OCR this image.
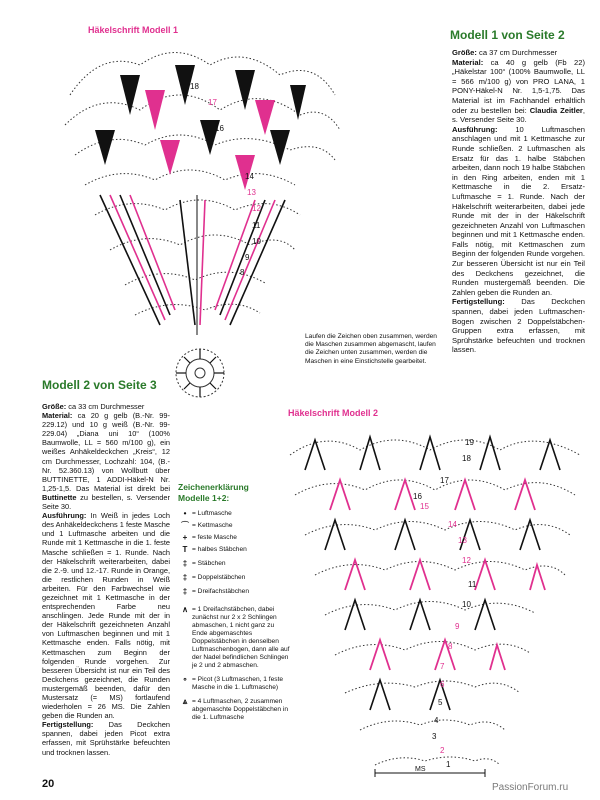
Häkelschrift Modell 1
18
17
16
15
14
13
12
11
10
9
8
Laufen die Zeichen oben zusammen, werden die Maschen zusammen abgemascht, laufen die Zeichen unten zusammen, werden die Maschen in eine Einstichstelle gearbeitet.
Modell 1 von Seite 2
Größe: ca 37 cm Durchmesser
Material: ca 40 g gelb (Fb 22) „Häkelstar 100“ (100% Baumwolle, LL = 566 m/100 g) von PRO LANA, 1 PONY-Häkel-N Nr. 1,5-1,75. Das Material ist im Fachhandel erhältlich oder zu bestellen bei: Claudia Zeitler, s. Versender Seite 30.
Ausführung: 10 Luftmaschen anschlagen und mit 1 Kettmasche zur Runde schließen. 2 Luftmaschen als Ersatz für das 1. halbe Stäbchen arbeiten, dann noch 19 halbe Stäbchen in den Ring arbeiten, enden mit 1 Kettmasche in die 2. Ersatz-Luftmasche = 1. Runde. Nach der Häkelschrift weiterarbeiten, dabei jede Runde mit der in der Häkelschrift gezeichneten Anzahl von Luftmaschen beginnen und mit 1 Kettmasche enden. Falls nötig, mit Kettmaschen zum Beginn der folgenden Runde vorgehen. Zur besseren Übersicht ist nur ein Teil des Deckchens gezeichnet, die Runden mustergemäß beenden. Die Zahlen geben die Runden an.
Fertigstellung: Das Deckchen spannen, dabei jeden Luftmaschen-Bogen zwischen 2 Doppelstäbchen-Gruppen extra erfassen, mit Sprühstärke befeuchten und trocknen lassen.
Modell 2 von Seite 3
Größe: ca 33 cm Durchmesser
Material: ca 20 g gelb (B.-Nr. 99-229.12) und 10 g weiß (B.-Nr. 99-229.04) „Diana uni 10“ (100% Baumwolle, LL = 560 m/100 g), ein weißes Anhäkeldeckchen „Kreis“, 12 cm Durchmesser, Lochzahl: 104, (B.-Nr. 52.360.13) von Wollbutt über BUTTINETTE, 1 ADDI-Häkel-N Nr. 1,25-1,5. Das Material ist direkt bei Buttinette zu bestellen, s. Versender Seite 30.
Ausführung: In Weiß in jedes Loch des Anhäkeldeckchens 1 feste Masche und 1 Luftmasche arbeiten und die Runde mit 1 Kettmasche in die 1. feste Masche schließen = 1. Runde. Nach der Häkelschrift weiterarbeiten, dabei die 2.-9. und 12.-17. Runde in Orange, die restlichen Runden in Weiß arbeiten. Für den Farbwechsel wie gezeichnet mit 1 Kettmasche in der entsprechenden Farbe neu anschlingen. Jede Runde mit der in der Häkelschrift gezeichneten Anzahl von Luftmaschen beginnen und mit 1 Kettmasche enden. Falls nötig, mit Kettmaschen zum Beginn der folgenden Runde vorgehen. Zur besseren Übersicht ist nur ein Teil des Deckchens gezeichnet, die Runden mustergemäß beenden, dafür den Mustersatz (= MS) fortlaufend wiederholen = 26 MS. Die Zahlen geben die Runden an.
Fertigstellung: Das Deckchen spannen, dabei jeden Picot extra erfassen, mit Sprühstärke befeuchten und trocknen lassen.
Zeichenerklärung
Modelle 1+2:
• = Luftmasche
⌒ = Kettmasche
+ = feste Masche
T = halbes Stäbchen
‡ = Stäbchen
‡ = Doppelstäbchen
‡ = Dreifachstäbchen
∧ = 1 Dreifachstäbchen, dabei zunächst nur 2 x 2 Schlingen abmaschen, 1 nicht ganz zu Ende abgemaschtes Doppelstäbchen in denselben Luftmaschenbogen, dann alle auf der Nadel befindlichen Schlingen je 2 und 2 abmaschen.
∘ = Picot (3 Luftmaschen, 1 feste Masche in die 1. Luftmasche)
⩓ = 4 Luftmaschen, 2 zusammen abgemaschte Doppelstäbchen in die 1. Luftmasche
Häkelschrift Modell 2
MS
19
18
17
16
15
14
13
12
11
10
9
8
7
6
5
4
3
2
1
20	PassionForum.ru
